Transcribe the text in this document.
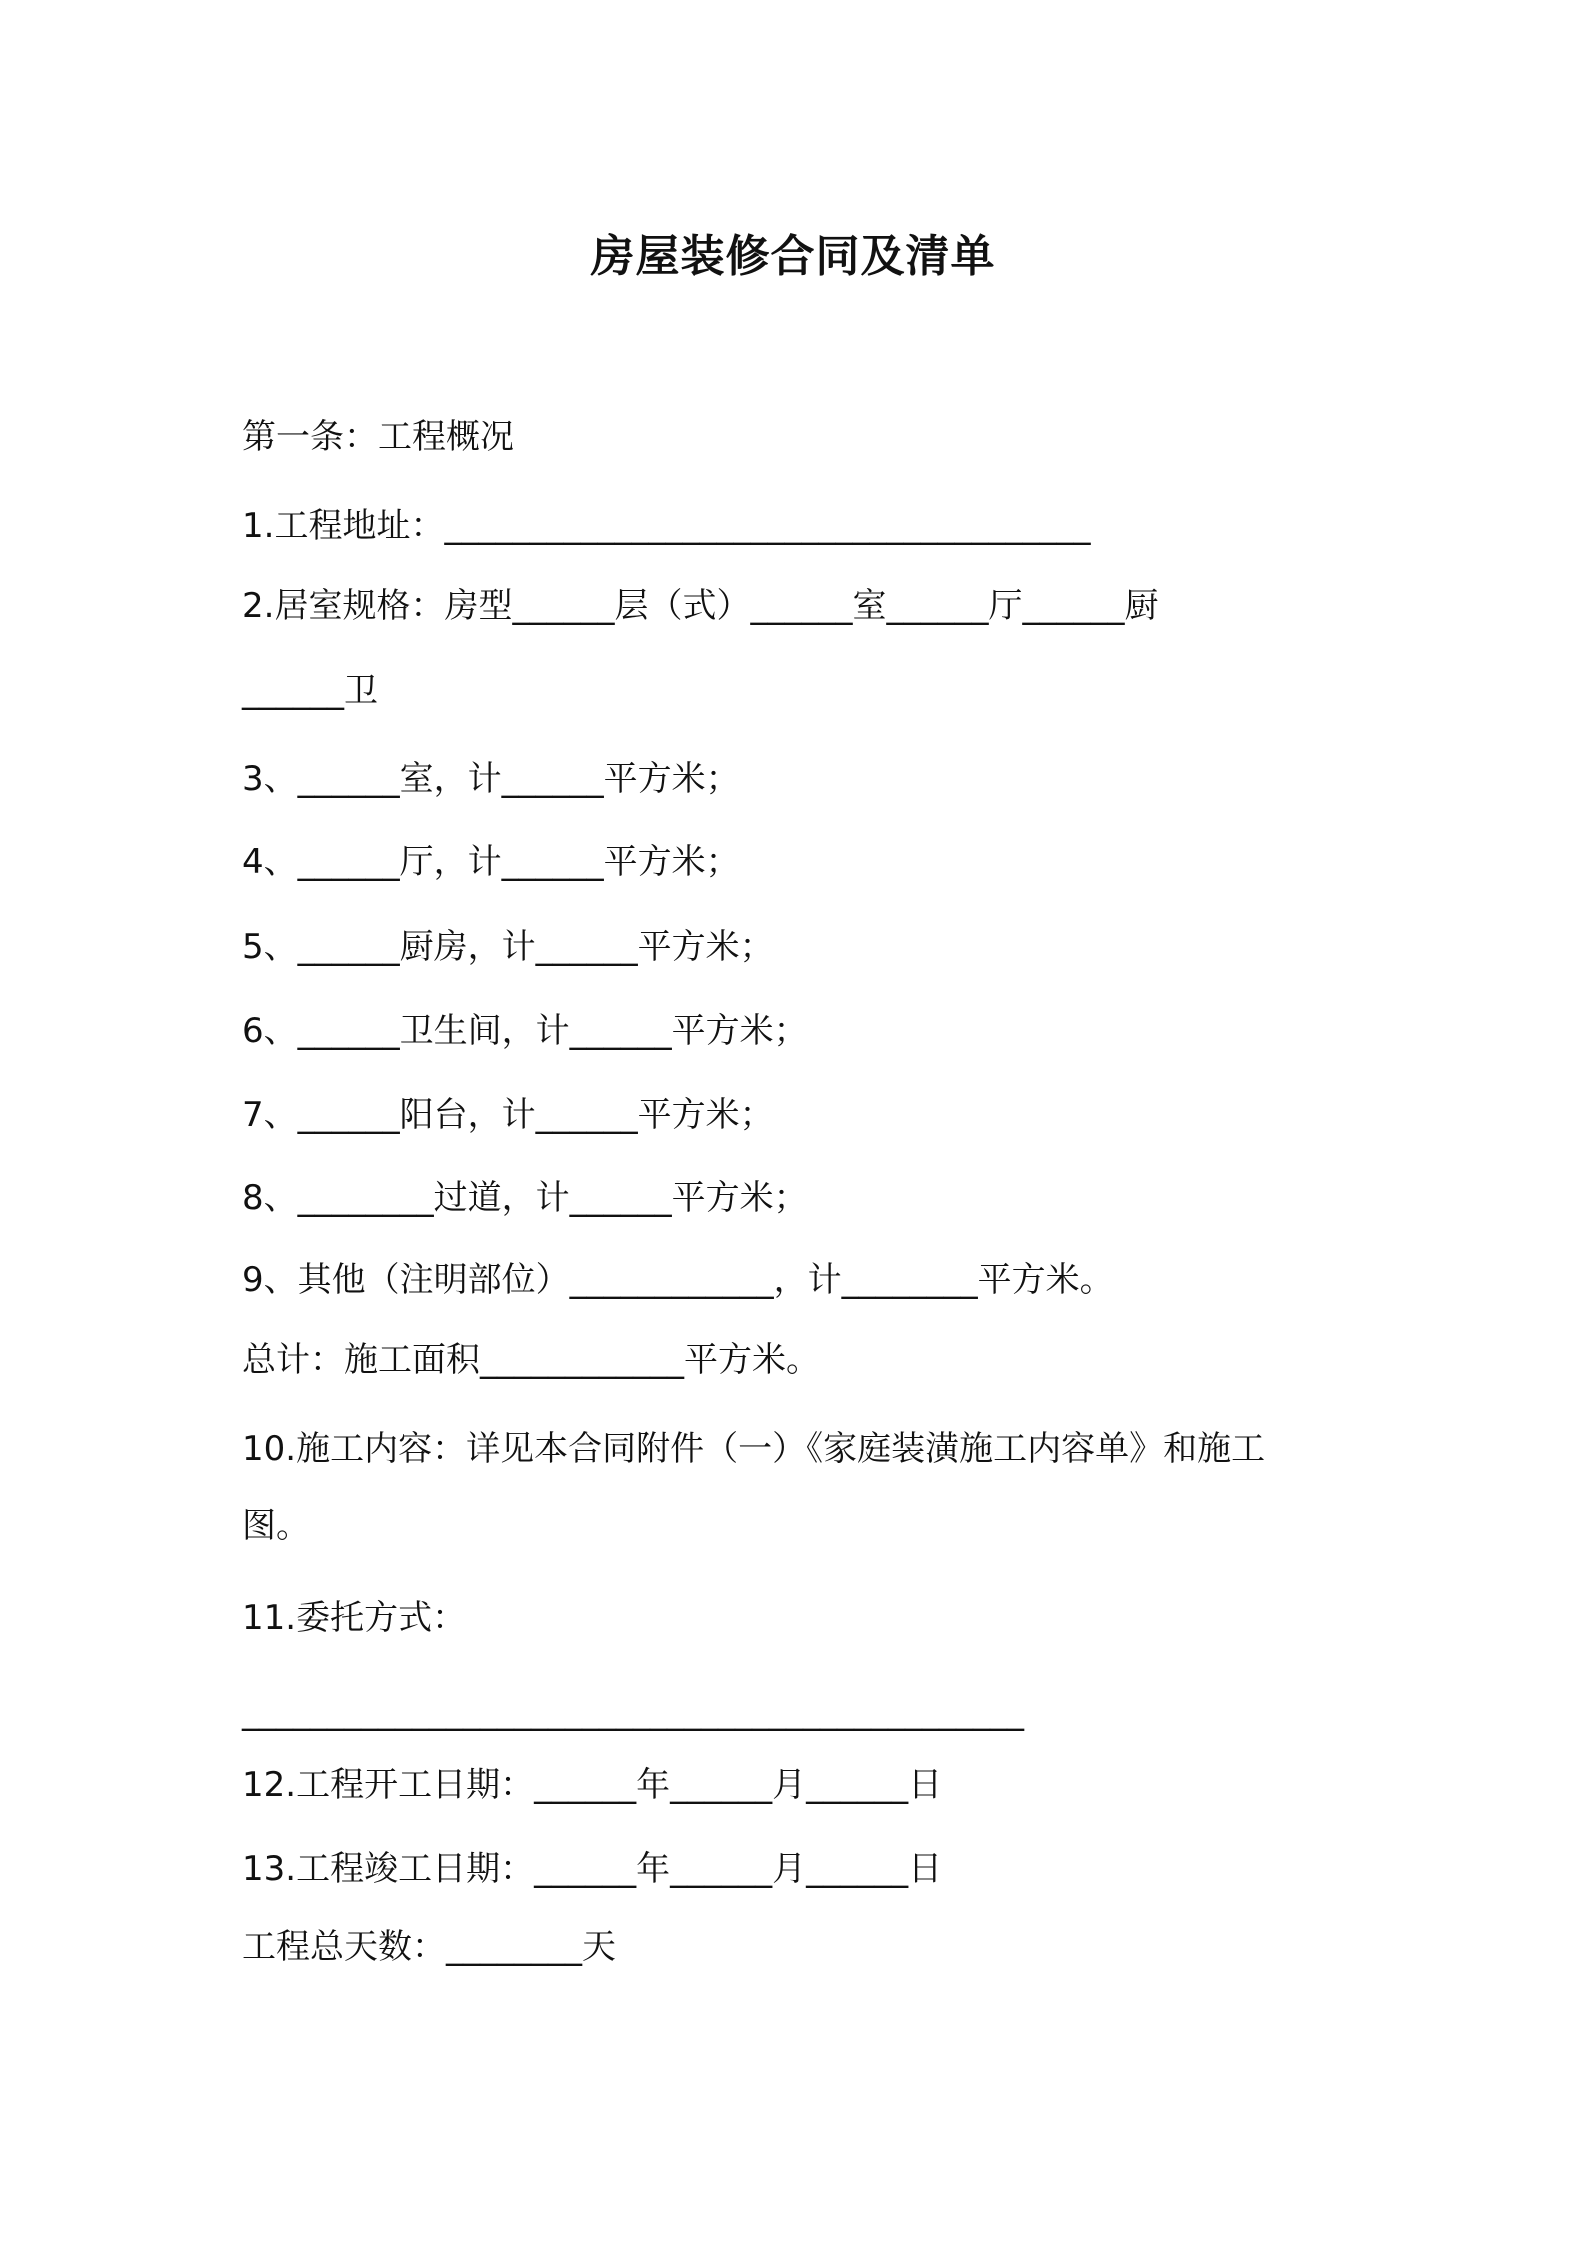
房屋装修合同及清单
第一条：工程概况
1.工程地址：______________________________________
2.居室规格：房型______层（式）______室______厅______厨
______卫
3、______室，计______平方米；
4、______厅，计______平方米；
5、______厨房，计______平方米；
6、______卫生间，计______平方米；
7、______阳台，计______平方米；
8、________过道，计______平方米；
9、其他（注明部位）____________，计________平方米。
总计：施工面积____________平方米。
10.施工内容：详见本合同附件（一）《家庭装潢施工内容单》和施工
图。
11.委托方式：
______________________________________________
12.工程开工日期：______年______月______日
13.工程竣工日期：______年______月______日
工程总天数：________天
